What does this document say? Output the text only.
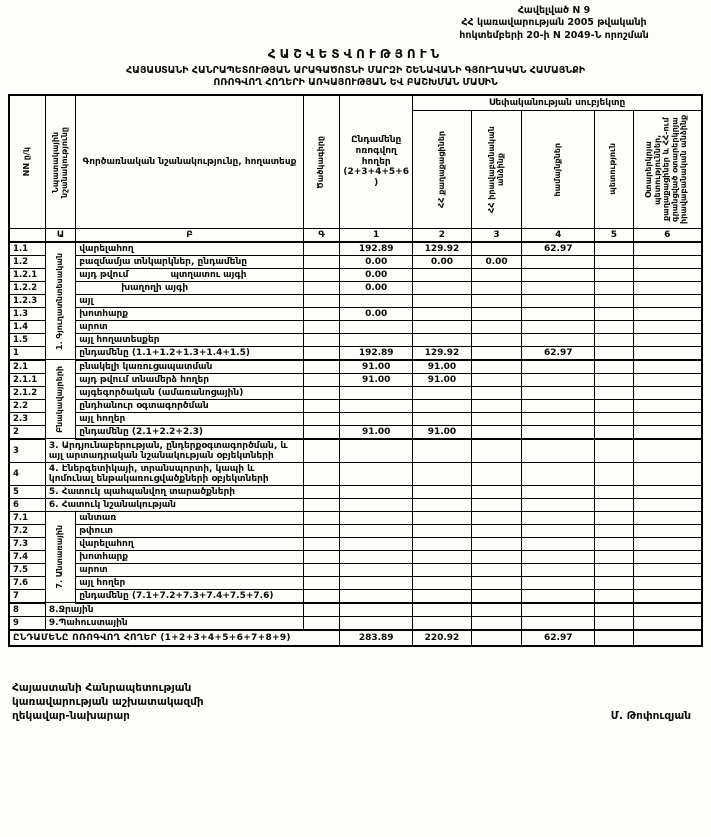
Հավելված N 9
ՀՀ կառավարության 2005 թվականի
հոկտեմբերի 20-ի N 2049-Ն որոշման
ՀԱՇՎԵՏՎՈՒԹՅՈՒՆ
ՀԱՅԱՍՏԱՆԻ ՀԱՆՐԱՊԵՏՈՒԹՅԱՆ ԱՐԱԳԱԾՈՏՆԻ ՄԱՐԶԻ ՇԵՆԱՎԱՆԻ ԳՅՈՒՂԱԿԱՆ ՀԱՄԱՅՆՔԻ
ՈՌՈԳՎՈՂ ՀՈՂԵՐԻ ԱՌԿԱՅՈՒԹՅԱՆ ԵՎ ԲԱՇԽՄԱՆ ՄԱՍԻՆ
NN ը/կ	Նպատակային նշանակությունը	Գործառնական նշանակությունը, հողատեսք	Ծածկագիրը	Ընդամենը ոռոգվող հողեր (2+3+4+5+6)	Սեփականության սուբյեկտը				

					ՀՀ քաղաքացիներ	ՀՀ իրավաբանական անձինք	համայնքներ	պետություն	Օտարերկրյա պետություններ, քաղաքացիներ և ՀՀ-ում գրանցված օտարերկրյա իրավաբանական անձինք

	Ա	Բ	Գ	1	2	3	4	5	6
1.1	1. Գյուղատնտեսական	վարելահող		192.89	129.92		62.97		
1.2		բազմամյա տնկարկներ, ընդամենը		0.00	0.00	0.00			
1.2.1		այդ թվում պտղատու այգի		0.00					
1.2.2		խաղողի այգի		0.00					
1.2.3		այլ							
1.3		խոտհարք		0.00					
1.4		արոտ							
1.5		այլ հողատեսքեր							
1		ընդամենը (1.1+1.2+1.3+1.4+1.5)		192.89	129.92		62.97		
2.1	Բնակավայրերի	բնակելի կառուցապատման		91.00	91.00				
2.1.1		այդ թվում տնամերձ հողեր		91.00	91.00				
2.1.2		այգեգործական (ամառանոցային)							
2.2		ընդհանուր օգտագործման							
2.3		այլ հողեր							
2		ընդամենը (2.1+2.2+2.3)		91.00	91.00				
3	3. Արդյունաբերության, ընդերքօգտագործման, և այլ արտադրական նշանակության օբյեկտների								
4	4. Էներգետիկայի, տրանսպորտի, կապի և կոմունալ ենթակառուցվածքների օբյեկտների								
5	5. Հատուկ պահպանվող տարածքների								
6	6. Հատուկ նշանակության								
7.1	7. Անտառային	անտառ							
7.2		թփուտ							
7.3		վարելահող							
7.4		խոտհարք							
7.5		արոտ							
7.6		այլ հողեր							
7		ընդամենը (7.1+7.2+7.3+7.4+7.5+7.6)							
8	8.Ջրային								
9	9.Պահուստային								
ԸՆԴԱՄԵՆԸ ՈՌՈԳՎՈՂ ՀՈՂԵՐ (1+2+3+4+5+6+7+8+9)				283.89	220.92		62.97		
Հայաստանի Հանրապետության
կառավարության աշխատակազմի
ղեկավար-նախարար	Մ. Թոփուզյան
